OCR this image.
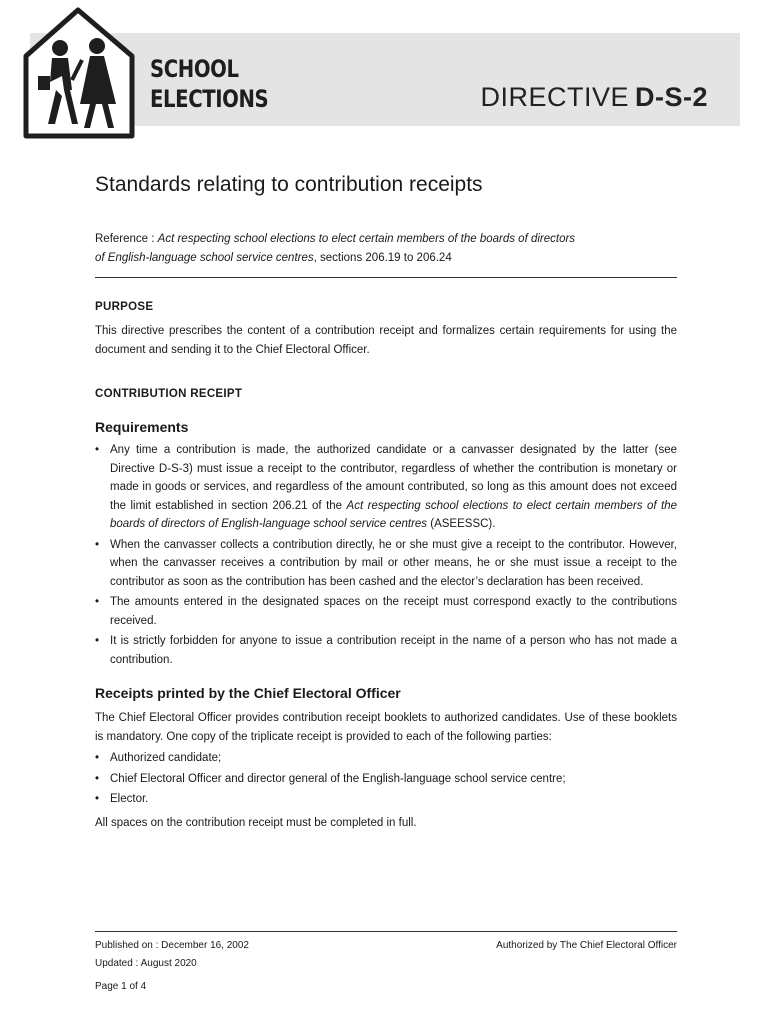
SCHOOL
ELECTIONS	DIRECTIVE D-S-2
Standards relating to contribution receipts
Reference : Act respecting school elections to elect certain members of the boards of directors
of English-language school service centres, sections 206.19 to 206.24
PURPOSE

This directive prescribes the content of a contribution receipt and formalizes certain requirements for using the document and sending it to the Chief Electoral Officer.

CONTRIBUTION RECEIPT
Requirements
• Any time a contribution is made, the authorized candidate or a canvasser designated by the latter (see Directive D-S-3) must issue a receipt to the contributor, regardless of whether the contribution is monetary or made in goods or services, and regardless of the amount contributed, so long as this amount does not exceed the limit established in section 206.21 of the Act respecting school elections to elect certain members of the boards of directors of English-language school service centres (ASEESSC).
• When the canvasser collects a contribution directly, he or she must give a receipt to the contributor. However, when the canvasser receives a contribution by mail or other means, he or she must issue a receipt to the contributor as soon as the contribution has been cashed and the elector’s declaration has been received.
• The amounts entered in the designated spaces on the receipt must correspond exactly to the contributions received.
• It is strictly forbidden for anyone to issue a contribution receipt in the name of a person who has not made a contribution.
Receipts printed by the Chief Electoral Officer

The Chief Electoral Officer provides contribution receipt booklets to authorized candidates. Use of these booklets is mandatory. One copy of the triplicate receipt is provided to each of the following parties:

• Authorized candidate;
• Chief Electoral Officer and director general of the English-language school service centre;
• Elector.

All spaces on the contribution receipt must be completed in full.

Published on : December 16, 2002
Updated : August 2020
Page 1 of 4
Authorized by The Chief Electoral Officer
